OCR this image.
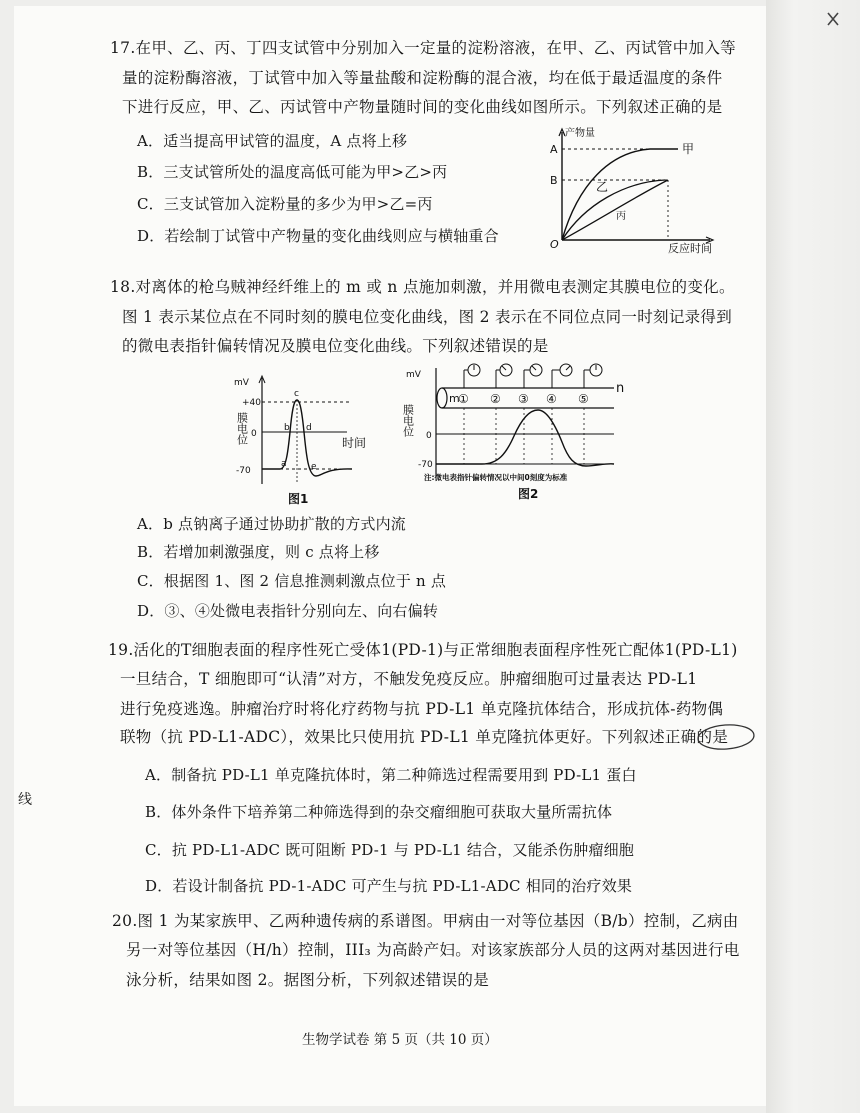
17.在甲、乙、丙、丁四支试管中分别加入一定量的淀粉溶液，在甲、乙、丙试管中加入等
量的淀粉酶溶液，丁试管中加入等量盐酸和淀粉酶的混合液，均在低于最适温度的条件
下进行反应，甲、乙、丙试管中产物量随时间的变化曲线如图所示。下列叙述正确的是
A．适当提高甲试管的温度，A 点将上移
B．三支试管所处的温度高低可能为甲>乙>丙
C．三支试管加入淀粉量的多少为甲>乙=丙
D．若绘制丁试管中产物量的变化曲线则应与横轴重合
产物量
A
B
甲
乙
丙
O	反应时间
18.对离体的枪乌贼神经纤维上的 m 或 n 点施加刺激，并用微电表测定其膜电位的变化。
图 1 表示某位点在不同时刻的膜电位变化曲线，图 2 表示在不同位点同一时刻记录得到
的微电表指针偏转情况及膜电位变化曲线。下列叙述错误的是
mV
膜电位
+40
0
-70
a
b
c
d
e
时间
图1
mV
膜电位 0
-70
m
n
① ② ③ ④ ⑤
注:微电表指针偏转情况以中间0刻度为标准
图2
A．b 点钠离子通过协助扩散的方式内流
B．若增加刺激强度，则 c 点将上移
C．根据图 1、图 2 信息推测刺激点位于 n 点
D．③、④处微电表指针分别向左、向右偏转
19.活化的T细胞表面的程序性死亡受体1(PD-1)与正常细胞表面程序性死亡配体1(PD-L1)
一旦结合，T 细胞即可“认清”对方，不触发免疫反应。肿瘤细胞可过量表达 PD-L1
进行免疫逃逸。肿瘤治疗时将化疗药物与抗 PD-L1 单克隆抗体结合，形成抗体-药物偶
联物（抗 PD-L1-ADC），效果比只使用抗 PD-L1 单克隆抗体更好。下列叙述正确的是
A．制备抗 PD-L1 单克隆抗体时，第二种筛选过程需要用到 PD-L1 蛋白
B．体外条件下培养第二种筛选得到的杂交瘤细胞可获取大量所需抗体
C．抗 PD-L1-ADC 既可阻断 PD-1 与 PD-L1 结合，又能杀伤肿瘤细胞
D．若设计制备抗 PD-1-ADC 可产生与抗 PD-L1-ADC 相同的治疗效果
线
20.图 1 为某家族甲、乙两种遗传病的系谱图。甲病由一对等位基因（B/b）控制，乙病由
另一对等位基因（H/h）控制，III₃ 为高龄产妇。对该家族部分人员的这两对基因进行电
泳分析，结果如图 2。据图分析，下列叙述错误的是
生物学试卷 第 5 页（共 10 页）
